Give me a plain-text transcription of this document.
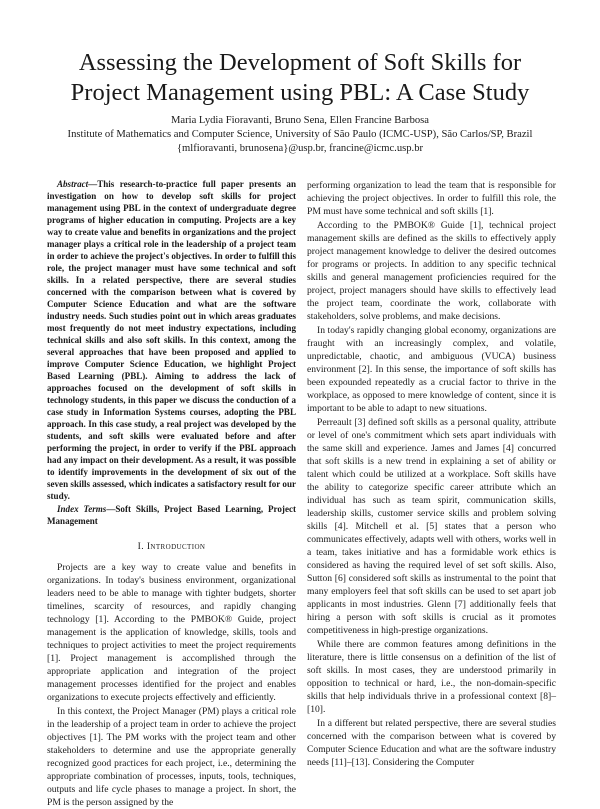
Assessing the Development of Soft Skills for
Project Management using PBL: A Case Study
Maria Lydia Fioravanti, Bruno Sena, Ellen Francine Barbosa
Institute of Mathematics and Computer Science, University of São Paulo (ICMC-USP), São Carlos/SP, Brazil
{mlfioravanti, brunosena}@usp.br, francine@icmc.usp.br

Abstract—This research-to-practice full paper presents an investigation on how to develop soft skills for project management using PBL in the context of undergraduate degree programs of higher education in computing. Projects are a key way to create value and benefits in organizations and the project manager plays a critical role in the leadership of a project team in order to achieve the project's objectives. In order to fulfill this role, the project manager must have some technical and soft skills. In a related perspective, there are several studies concerned with the comparison between what is covered by Computer Science Education and what are the software industry needs. Such studies point out in which areas graduates most frequently do not meet industry expectations, including technical skills and also soft skills. In this context, among the several approaches that have been proposed and applied to improve Computer Science Education, we highlight Project Based Learning (PBL). Aiming to address the lack of approaches focused on the development of soft skills in technology students, in this paper we discuss the conduction of a case study in Information Systems courses, adopting the PBL approach. In this case study, a real project was developed by the students, and soft skills were evaluated before and after performing the project, in order to verify if the PBL approach had any impact on their development. As a result, it was possible to identify improvements in the development of six out of the seven skills assessed, which indicates a satisfactory result for our study.

Index Terms—Soft Skills, Project Based Learning, Project Management

I. Introduction

Projects are a key way to create value and benefits in organizations. In today's business environment, organizational leaders need to be able to manage with tighter budgets, shorter timelines, scarcity of resources, and rapidly changing technology [1]. According to the PMBOK® Guide, project management is the application of knowledge, skills, tools and techniques to project activities to meet the project requirements [1]. Project management is accomplished through the appropriate application and integration of the project management processes identified for the project and enables organizations to execute projects effectively and efficiently.

In this context, the Project Manager (PM) plays a critical role in the leadership of a project team in order to achieve the project objectives [1]. The PM works with the project team and other stakeholders to determine and use the appropriate generally recognized good practices for each project, i.e., determining the appropriate combination of processes, inputs, tools, techniques, outputs and life cycle phases to manage a project. In short, the PM is the person assigned by the

performing organization to lead the team that is responsible for achieving the project objectives. In order to fulfill this role, the PM must have some technical and soft skills [1].

According to the PMBOK® Guide [1], technical project management skills are defined as the skills to effectively apply project management knowledge to deliver the desired outcomes for programs or projects. In addition to any specific technical skills and general management proficiencies required for the project, project managers should have skills to effectively lead the project team, coordinate the work, collaborate with stakeholders, solve problems, and make decisions.

In today's rapidly changing global economy, organizations are fraught with an increasingly complex, and volatile, unpredictable, chaotic, and ambiguous (VUCA) business environment [2]. In this sense, the importance of soft skills has been expounded repeatedly as a crucial factor to thrive in the workplace, as opposed to mere knowledge of content, since it is important to be able to adapt to new situations.

Perreault [3] defined soft skills as a personal quality, attribute or level of one's commitment which sets apart individuals with the same skill and experience. James and James [4] concurred that soft skills is a new trend in explaining a set of ability or talent which could be utilized at a workplace. Soft skills have the ability to categorize specific career attribute which an individual has such as team spirit, communication skills, leadership skills, customer service skills and problem solving skills [4]. Mitchell et al. [5] states that a person who communicates effectively, adapts well with others, works well in a team, takes initiative and has a formidable work ethics is considered as having the required level of set soft skills. Also, Sutton [6] considered soft skills as instrumental to the point that many employers feel that soft skills can be used to set apart job applicants in most industries. Glenn [7] additionally feels that hiring a person with soft skills is crucial as it promotes competitiveness in high-prestige organizations.

While there are common features among definitions in the literature, there is little consensus on a definition of the list of soft skills. In most cases, they are understood primarily in opposition to technical or hard, i.e., the non-domain-specific skills that help individuals thrive in a professional context [8]–[10].

In a different but related perspective, there are several studies concerned with the comparison between what is covered by Computer Science Education and what are the software industry needs [11]–[13]. Considering the Computer
